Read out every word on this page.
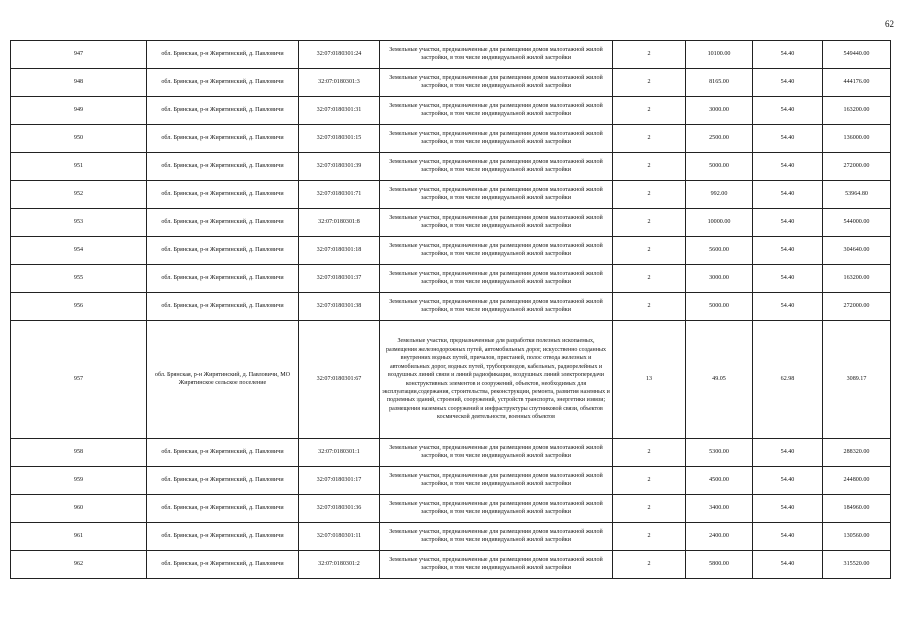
62
947	обл. Брянская, р-н Жирятинский, д. Павловичи	32:07:0180301:24	Земельные участки, предназначенные для размещения домов малоэтажной жилой застройки, в том числе индивидуальной жилой застройки	2	10100.00	54.40	549440.00
948	обл. Брянская, р-н Жирятинский, д. Павловичи	32:07:0180301:3	Земельные участки, предназначенные для размещения домов малоэтажной жилой застройки, в том числе индивидуальной жилой застройки	2	8165.00	54.40	444176.00
949	обл. Брянская, р-н Жирятинский, д. Павловичи	32:07:0180301:31	Земельные участки, предназначенные для размещения домов малоэтажной жилой застройки, в том числе индивидуальной жилой застройки	2	3000.00	54.40	163200.00
950	обл. Брянская, р-н Жирятинский, д. Павловичи	32:07:0180301:15	Земельные участки, предназначенные для размещения домов малоэтажной жилой застройки, в том числе индивидуальной жилой застройки	2	2500.00	54.40	136000.00
951	обл. Брянская, р-н Жирятинский, д. Павловичи	32:07:0180301:39	Земельные участки, предназначенные для размещения домов малоэтажной жилой застройки, в том числе индивидуальной жилой застройки	2	5000.00	54.40	272000.00
952	обл. Брянская, р-н Жирятинский, д. Павловичи	32:07:0180301:71	Земельные участки, предназначенные для размещения домов малоэтажной жилой застройки, в том числе индивидуальной жилой застройки	2	992.00	54.40	53964.80
953	обл. Брянская, р-н Жирятинский, д. Павловичи	32:07:0180301:8	Земельные участки, предназначенные для размещения домов малоэтажной жилой застройки, в том числе индивидуальной жилой застройки	2	10000.00	54.40	544000.00
954	обл. Брянская, р-н Жирятинский, д. Павловичи	32:07:0180301:18	Земельные участки, предназначенные для размещения домов малоэтажной жилой застройки, в том числе индивидуальной жилой застройки	2	5600.00	54.40	304640.00
955	обл. Брянская, р-н Жирятинский, д. Павловичи	32:07:0180301:37	Земельные участки, предназначенные для размещения домов малоэтажной жилой застройки, в том числе индивидуальной жилой застройки	2	3000.00	54.40	163200.00
956	обл. Брянская, р-н Жирятинский, д. Павловичи	32:07:0180301:38	Земельные участки, предназначенные для размещения домов малоэтажной жилой застройки, в том числе индивидуальной жилой застройки	2	5000.00	54.40	272000.00
957	обл. Брянская, р-н Жирятинский, д. Павловичи, МО Жирятинское сельское поселение	32:07:0180301:67	Земельные участки, предназначенные для разработки полезных ископаемых, размещения железнодорожных путей, автомобильных дорог, искусственно созданных внутренних водных путей, причалов, пристаней, полос отвода железных и автомобильных дорог, водных путей, трубопроводов, кабельных, радиорелейных и воздушных линий связи и линий радиофикации, воздушных линий электропередачи конструктивных элементов и сооружений, объектов, необходимых для эксплуатации,содержания, строительства, реконструкции, ремонта, развития наземных и подземных зданий, строений, сооружений, устройств транспорта, энергетики иэвязи; размещения наземных сооружений и инфраструктуры спутниковой связи, объектов космической деятельности, военных объектов	13	49.05	62.98	3089.17
958	обл. Брянская, р-н Жирятинский, д. Павловичи	32:07:0180301:1	Земельные участки, предназначенные для размещения домов малоэтажной жилой застройки, в том числе индивидуальной жилой застройки	2	5300.00	54.40	288320.00
959	обл. Брянская, р-н Жирятинский, д. Павловичи	32:07:0180301:17	Земельные участки, предназначенные для размещения домов малоэтажной жилой застройки, в том числе индивидуальной жилой застройки	2	4500.00	54.40	244800.00
960	обл. Брянская, р-н Жирятинский, д. Павловичи	32:07:0180301:36	Земельные участки, предназначенные для размещения домов малоэтажной жилой застройки, в том числе индивидуальной жилой застройки	2	3400.00	54.40	184960.00
961	обл. Брянская, р-н Жирятинский, д. Павловичи	32:07:0180301:11	Земельные участки, предназначенные для размещения домов малоэтажной жилой застройки, в том числе индивидуальной жилой застройки	2	2400.00	54.40	130560.00
962	обл. Брянская, р-н Жирятинский, д. Павловичи	32:07:0180301:2	Земельные участки, предназначенные для размещения домов малоэтажной жилой застройки, в том числе индивидуальной жилой застройки	2	5800.00	54.40	315520.00
